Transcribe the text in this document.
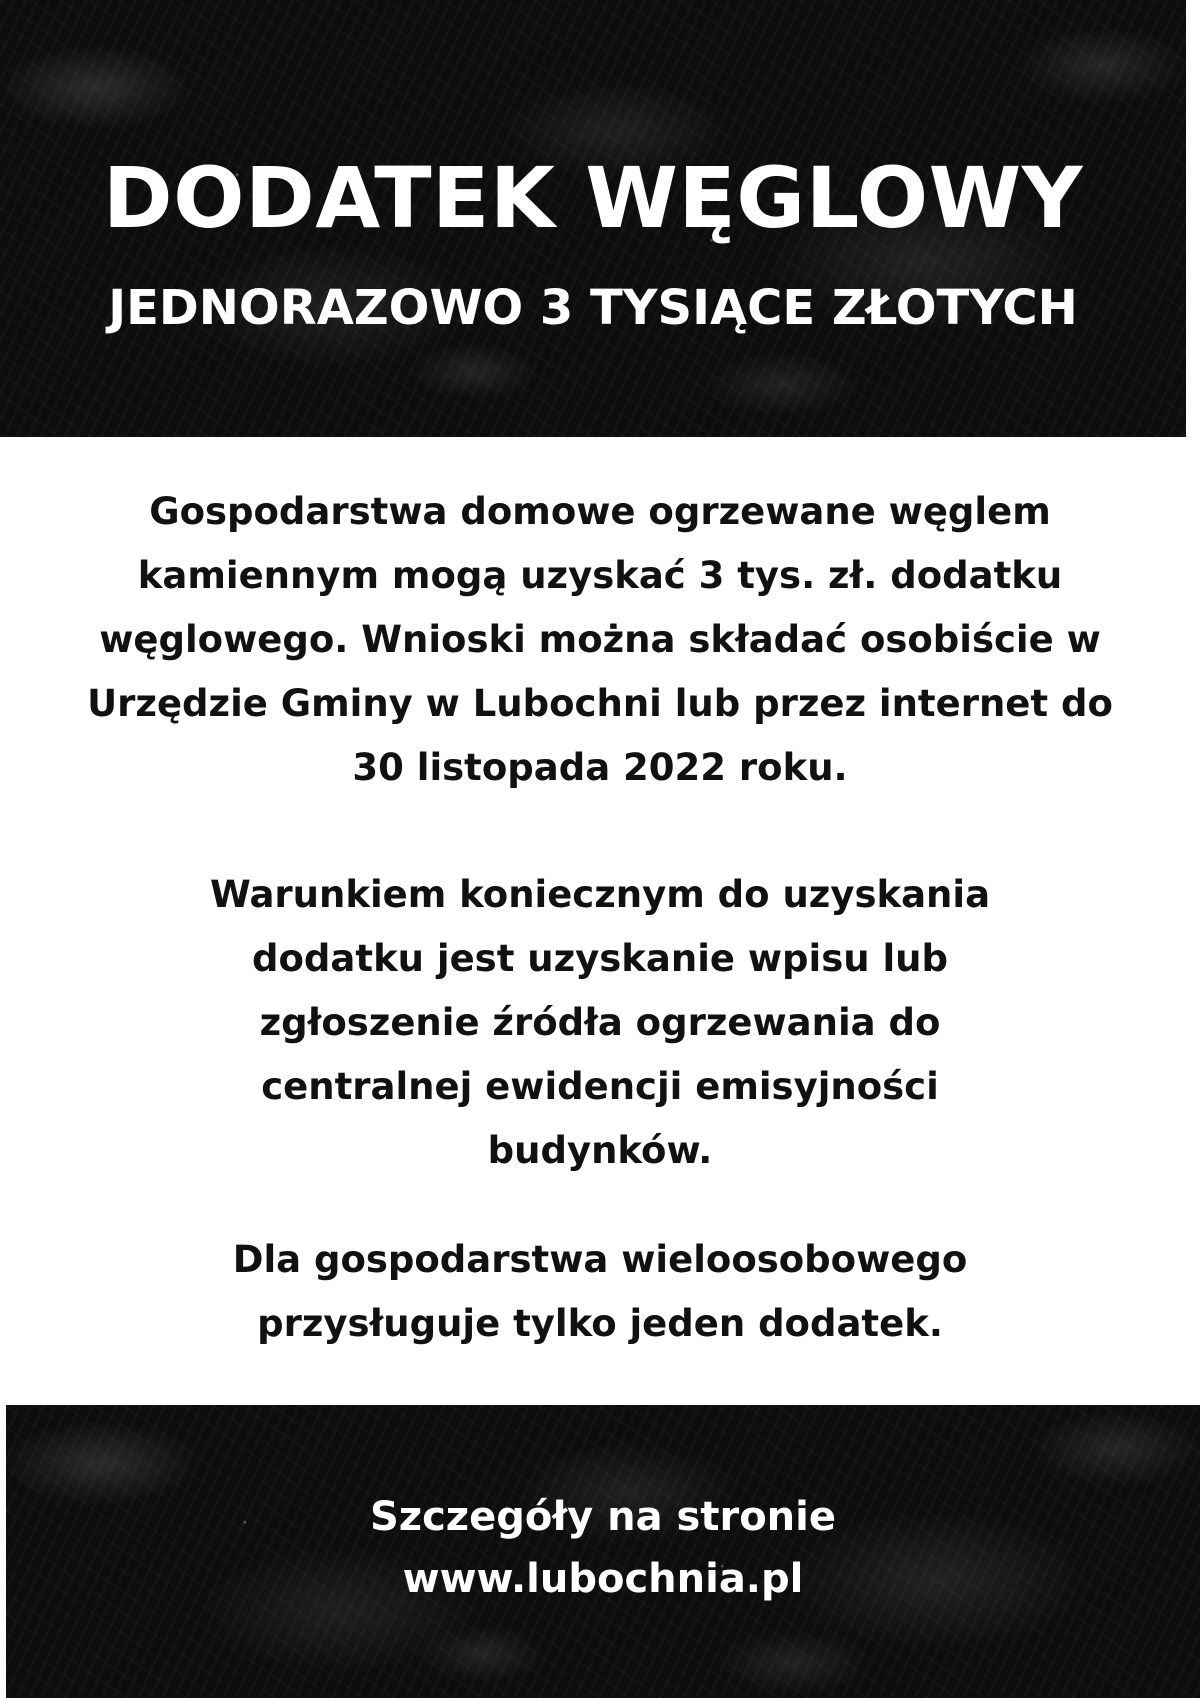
DODATEK WĘGLOWY
JEDNORAZOWO 3 TYSIĄCE ZŁOTYCH

Gospodarstwa domowe ogrzewane węglem kamiennym mogą uzyskać 3 tys. zł. dodatku węglowego. Wnioski można składać osobiście w Urzędzie Gminy w Lubochni lub przez internet do 30 listopada 2022 roku.

Warunkiem koniecznym do uzyskania dodatku jest uzyskanie wpisu lub zgłoszenie źródła ogrzewania do centralnej ewidencji emisyjności budynków.

Dla gospodarstwa wieloosobowego przysługuje tylko jeden dodatek.

Szczegóły na stronie
www.lubochnia.pl
